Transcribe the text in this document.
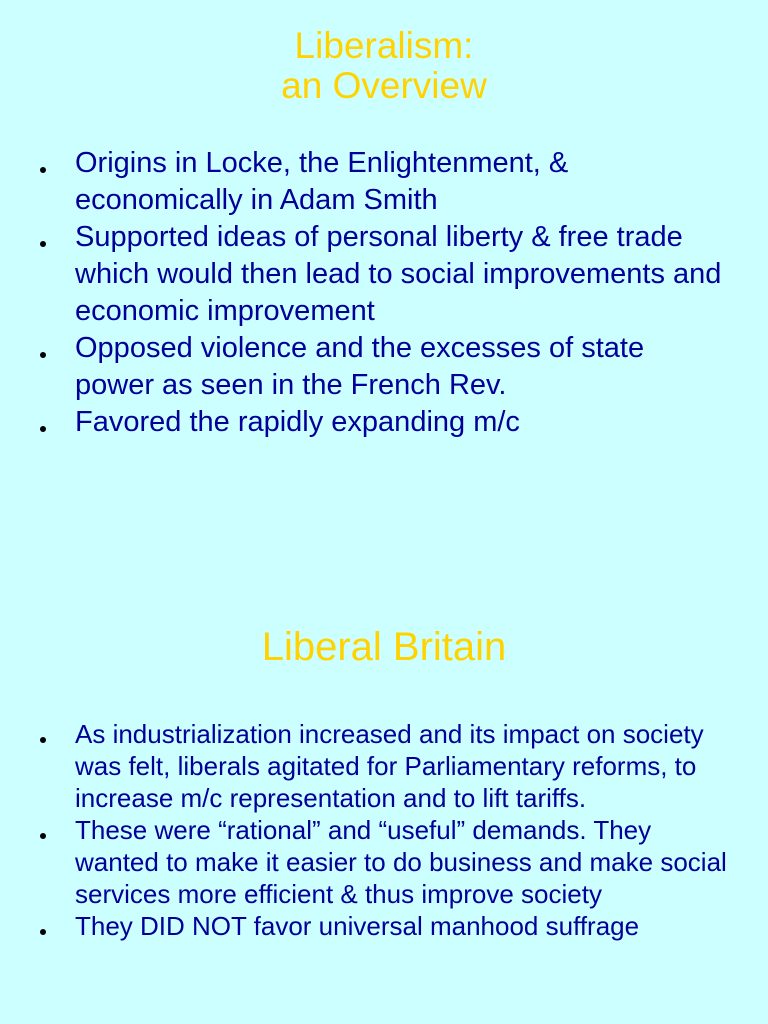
Liberalism:
an Overview
Origins in Locke, the Enlightenment, & economically in Adam Smith
Supported ideas of personal liberty & free trade which would then lead to social improvements and economic improvement
Opposed violence and the excesses of state power as seen in the French Rev.
Favored the rapidly expanding m/c
Liberal Britain
As industrialization increased and its impact on society was felt, liberals agitated for Parliamentary reforms, to increase m/c representation and to lift tariffs.
These were “rational” and “useful” demands. They wanted to make it easier to do business and make social services more efficient & thus improve society
They DID NOT favor universal manhood suffrage
